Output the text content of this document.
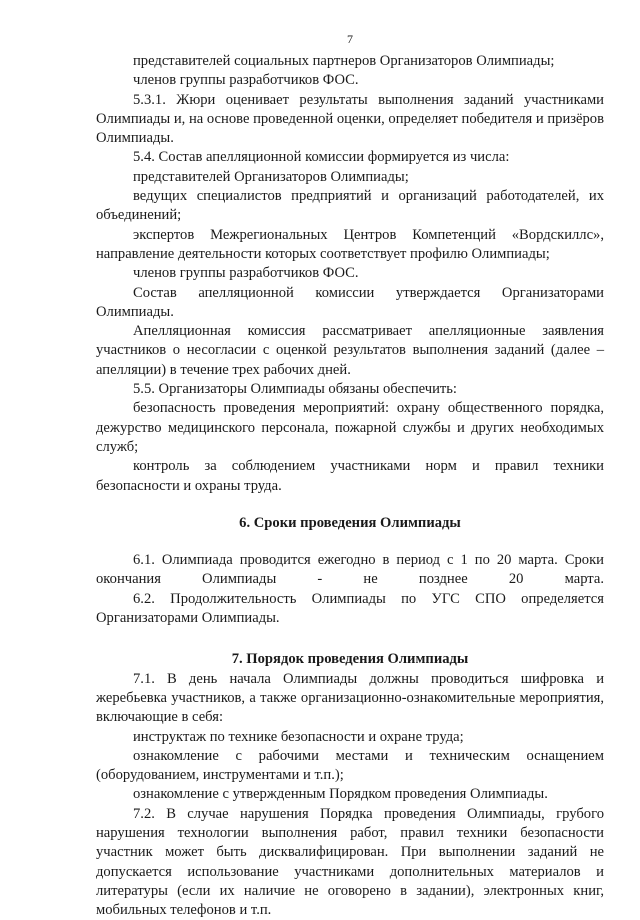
7

представителей социальных партнеров Организаторов Олимпиады;

членов группы разработчиков ФОС.

5.3.1. Жюри оценивает результаты выполнения заданий участниками Олимпиады и, на основе проведенной оценки, определяет победителя и призёров Олимпиады.

5.4. Состав апелляционной комиссии формируется из числа:

представителей Организаторов Олимпиады;

ведущих специалистов предприятий и организаций работодателей, их объединений;

экспертов Межрегиональных Центров Компетенций «Вордскиллс», направление деятельности которых соответствует профилю Олимпиады;

членов группы разработчиков ФОС.

Состав апелляционной комиссии утверждается Организаторами Олимпиады.

Апелляционная комиссия рассматривает апелляционные заявления участников о несогласии с оценкой результатов выполнения заданий (далее – апелляции) в течение трех рабочих дней.

5.5. Организаторы Олимпиады обязаны обеспечить:

безопасность проведения мероприятий: охрану общественного порядка, дежурство медицинского персонала, пожарной службы и других необходимых служб;

контроль за соблюдением участниками норм и правил техники безопасности и охраны труда.

6. Сроки проведения Олимпиады

6.1. Олимпиада проводится ежегодно в период с 1 по 20 марта. Сроки окончания Олимпиады - не позднее 20 марта.

6.2. Продолжительность Олимпиады по УГС СПО определяется Организаторами Олимпиады.

7. Порядок проведения Олимпиады

7.1. В день начала Олимпиады должны проводиться шифровка и жеребьевка участников, а также организационно-ознакомительные мероприятия, включающие в себя:

инструктаж по технике безопасности и охране труда;

ознакомление с рабочими местами и техническим оснащением (оборудованием, инструментами и т.п.);

ознакомление с утвержденным Порядком проведения Олимпиады.

7.2. В случае нарушения Порядка проведения Олимпиады, грубого нарушения технологии выполнения работ, правил техники безопасности участник может быть дисквалифицирован. При выполнении заданий не допускается использование участниками дополнительных материалов и литературы (если их наличие не оговорено в задании), электронных книг, мобильных телефонов и т.п.
